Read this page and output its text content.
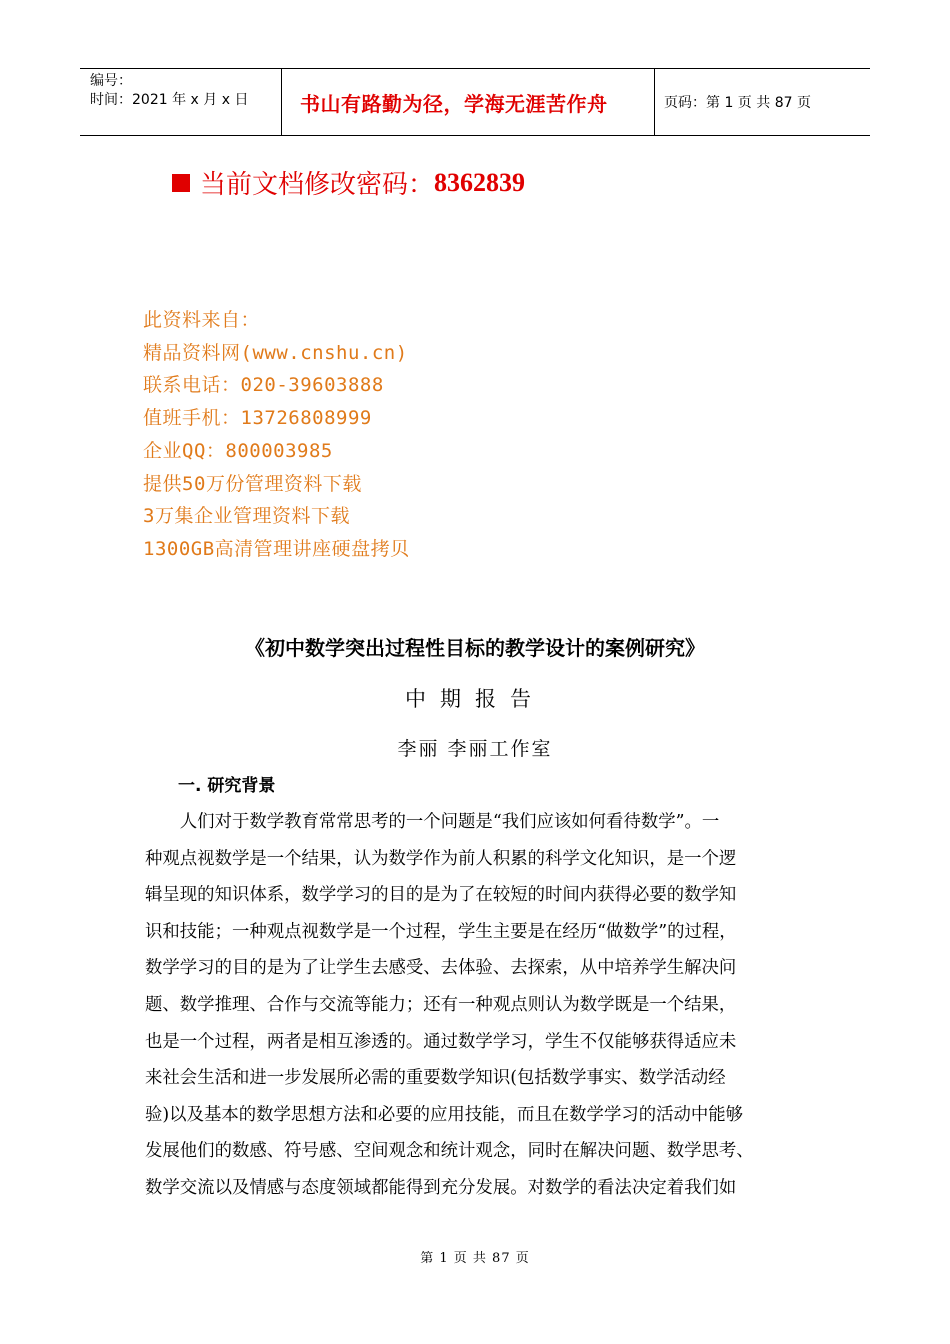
编号：
时间：2021 年 x 月 x 日	书山有路勤为径，学海无涯苦作舟	页码：第 1 页 共 87 页
当前文档修改密码： 8362839
此资料来自：
精品资料网(www.cnshu.cn)
联系电话：020-39603888
值班手机：13726808999
企业QQ：800003985
提供50万份管理资料下载
3万集企业管理资料下载
1300GB高清管理讲座硬盘拷贝
《初中数学突出过程性目标的教学设计的案例研究》
中期报告
李丽 李丽工作室
一. 研究背景
　　人们对于数学教育常常思考的一个问题是“我们应该如何看待数学”。一
种观点视数学是一个结果，认为数学作为前人积累的科学文化知识，是一个逻
辑呈现的知识体系，数学学习的目的是为了在较短的时间内获得必要的数学知
识和技能；一种观点视数学是一个过程，学生主要是在经历“做数学”的过程，
数学学习的目的是为了让学生去感受、去体验、去探索，从中培养学生解决问
题、数学推理、合作与交流等能力；还有一种观点则认为数学既是一个结果，
也是一个过程，两者是相互渗透的。通过数学学习，学生不仅能够获得适应未
来社会生活和进一步发展所必需的重要数学知识(包括数学事实、数学活动经
验)以及基本的数学思想方法和必要的应用技能，而且在数学学习的活动中能够
发展他们的数感、符号感、空间观念和统计观念，同时在解决问题、数学思考、
数学交流以及情感与态度领域都能得到充分发展。对数学的看法决定着我们如
第 1 页 共 87 页
